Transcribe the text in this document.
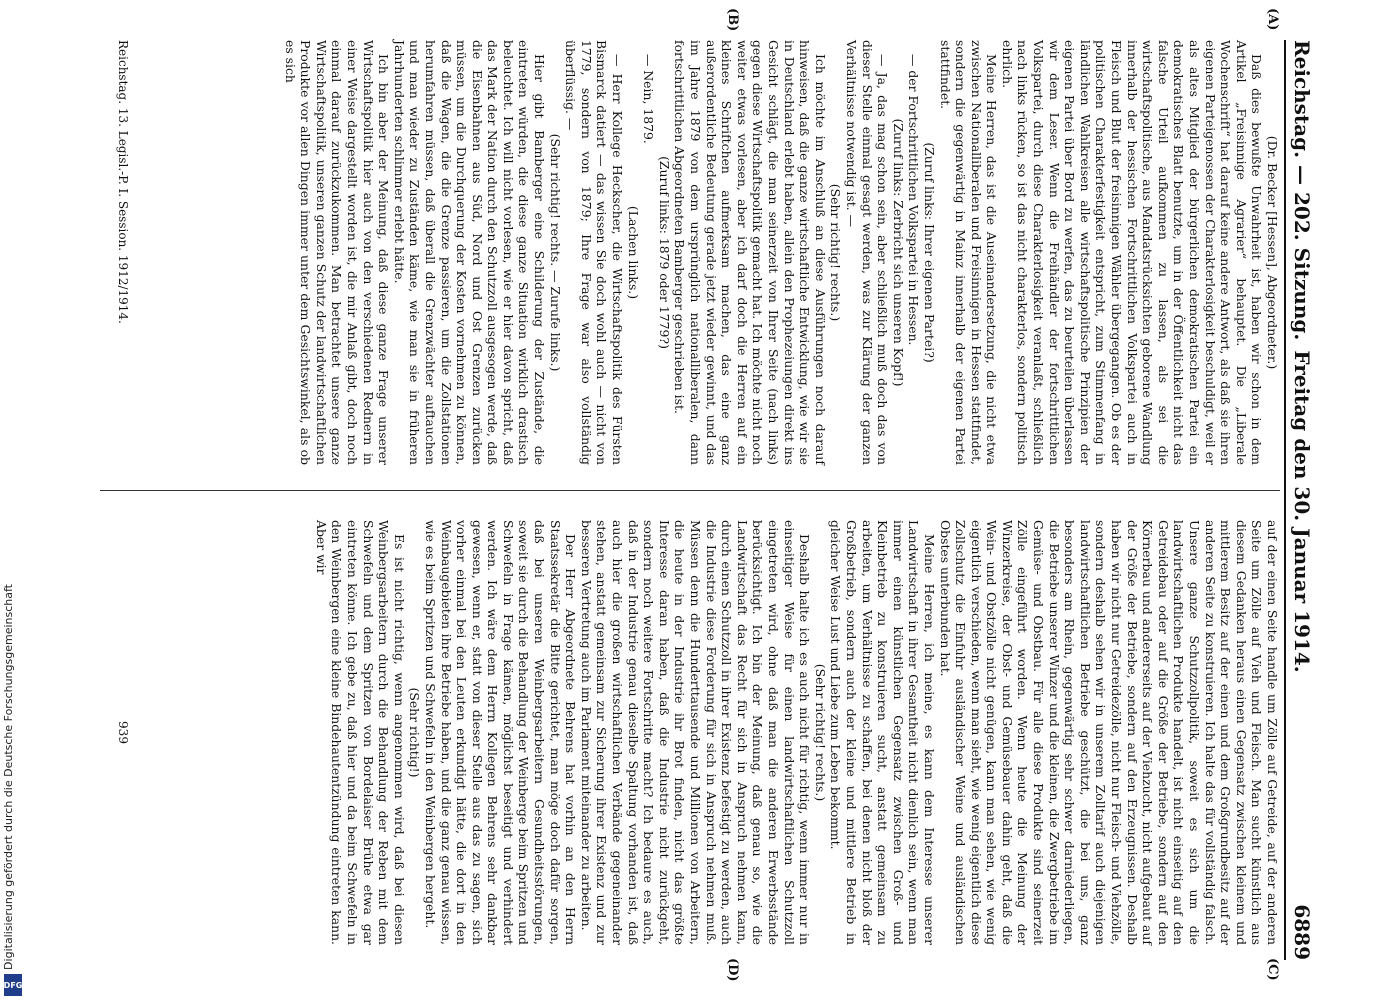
Digitalisierung gefördert durch die Deutsche Forschungsgemeinschaft
DFG
Reichstag. — 202. Sitzung.
Freitag den 30. Januar 1914.
6889
(A)
(B)
(C)
(D)

(Dr. Becker [Hessen], Abgeordneter.)

Daß dies bewußte Unwahrheit ist, haben wir schon in dem Artikel „Freisinnige Agrarier“ behauptet. Die „Liberale Wochenschrift“ hat darauf keine andere Antwort, als daß sie ihren eigenen Parteigenossen der Charakterlosigkeit beschuldigt, weil er als altes Mitglied der bürgerlichen demokratischen Partei ein demokratisches Blatt benutzte, um in der Öffentlichkeit nicht das falsche Urteil aufkommen zu lassen, als sei die wirtschaftspolitische, aus Mandatsrücksichten geborene Wandlung innerhalb der hessischen Fortschrittlichen Volkspartei auch in Fleisch und Blut der freisinnigen Wähler übergegangen. Ob es der politischen Charakterfestigkeit entspricht, zum Stimmenfang in ländlichen Wahlkreisen alle wirtschaftspolitische Prinzipien der eigenen Partei über Bord zu werfen, das zu beurteilen überlassen wir dem Leser. Wenn die Freihändler der fortschrittlichen Volkspartei, durch diese Charakterlosigkeit veranlaßt, schließlich nach links rücken, so ist das nicht charakterlos, sondern politisch ehrlich.

Meine Herren, das ist die Auseinandersetzung, die nicht etwa zwischen Nationalliberalen und Freisinnigen in Hessen stattfindet, sondern die gegenwärtig in Mainz innerhalb der eigenen Partei stattfindet.

(Zuruf links: Ihrer eigenen Partei?)

— der Fortschrittlichen Volkspartei in Hessen.

(Zuruf links: Zerbricht sich unseren Kopf!)

— Ja, das mag schon sein, aber schließlich muß doch das von dieser Stelle einmal gesagt werden, was zur Klärung der ganzen Verhältnisse notwendig ist. —

(Sehr richtig! rechts.)

Ich möchte im Anschluß an diese Ausführungen noch darauf hinweisen, daß die ganze wirtschaftliche Entwicklung, wie wir sie in Deutschland erlebt haben, allein den Prophezeiungen direkt ins Gesicht schlägt, die man seinerzeit von Ihrer Seite (nach links) gegen diese Wirtschaftspolitik gemacht hat. Ich möchte nicht noch weiter etwas vorlesen, aber ich darf doch die Herren auf ein kleines Schriftchen aufmerksam machen, das eine ganz außerordentliche Bedeutung gerade jetzt wieder gewinnt, und das im Jahre 1879 von dem ursprünglich nationalliberalen, dann fortschrittlichen Abgeordneten Bamberger geschrieben ist.

(Zuruf links: 1879 oder 1779?)

— Nein, 1879.

(Lachen links.)

— Herr Kollege Heckscher, die Wirtschaftspolitik des Fürsten Bismarck datiert — das wissen Sie doch wohl auch — nicht von 1779, sondern von 1879; Ihre Frage war also vollständig überflüssig. —

(Sehr richtig! rechts. — Zurufe links.)

Hier gibt Bamberger eine Schilderung der Zustände, die eintreten würden, die diese ganze Situation wirklich drastisch beleuchtet. Ich will nicht vorlesen, wie er hier davon spricht, daß das Mark der Nation durch den Schutzzoll ausgesogen werde, daß die Eisenbahnen aus Süd, Nord und Ost Grenzen zurücken müssen, um die Durchquerung der Kosten vornehmen zu können, daß die Wagen, die die Grenze passieren, um die Zollstationen herumfahren müssen, daß überall die Grenzwächter auftauchen und man wieder zu Zuständen käme, wie man sie in früheren Jahrhunderten schlimmer erlebt hätte.

Ich bin aber der Meinung, daß diese ganze Frage unserer Wirtschaftspolitik hier auch von den verschiedenen Rednern in einer Weise dargestellt worden ist, die mir Anlaß gibt, doch noch einmal darauf zurückzukommen. Man betrachtet unsere ganze Wirtschaftspolitik, unseren ganzen Schutz der landwirtschaftlichen Produkte vor allen Dingen immer unter dem Gesichtswinkel, als ob es sich

auf der einen Seite handle um Zölle auf Getreide, auf der anderen Seite um Zölle auf Vieh und Fleisch. Man sucht künstlich aus diesem Gedanken heraus einen Gegensatz zwischen kleinem und mittlerem Besitz auf der einen und dem Großgrundbesitz auf der anderen Seite zu konstruieren. Ich halte das für vollständig falsch. Unsere ganze Schutzzollpolitik, soweit es sich um die landwirtschaftlichen Produkte handelt, ist nicht einseitig auf den Getreidebau oder auf die Größe der Betriebe, sondern auf den Körnerbau und andererseits auf der Viehzucht, nicht aufgebaut auf der Größe der Betriebe, sondern auf den Erzeugnissen. Deshalb haben wir nicht nur Getreidezölle, nicht nur Fleisch- und Viehzölle, sondern deshalb sehen wir in unserem Zolltarif auch diejenigen landwirtschaftlichen Betriebe geschützt, die bei uns, ganz besonders am Rhein, gegenwärtig sehr schwer darniederliegen, die Betriebe unserer Winzer und die kleinen, die Zwergbetriebe im Gemüse- und Obstbau. Für alle diese Produkte sind seinerzeit Zölle eingeführt worden. Wenn heute die Meinung der Winzerkreise, der Obst- und Gemüsebauer dahin geht, daß die Wein- und Obstzölle nicht genügen, kann man sehen, wie wenig eigentlich verschieden, wenn man sieht, wie wenig eigentlich diese Zollschutz die Einfuhr ausländischer Weine und ausländischen Obstes unterbunden hat.

Meine Herren, ich meine, es kann dem Interesse unserer Landwirtschaft in ihrer Gesamtheit nicht dienlich sein, wenn man immer einen künstlichen Gegensatz zwischen Groß- und Kleinbetrieb zu konstruieren sucht, anstatt gemeinsam zu arbeiten, um Verhältnisse zu schaffen, bei denen nicht bloß der Großbetrieb, sondern auch der kleine und mittlere Betrieb in gleicher Weise Lust und Liebe zum Leben bekommt.

(Sehr richtig! rechts.)

Deshalb halte ich es auch nicht für richtig, wenn immer nur in einseitiger Weise für einen landwirtschaftlichen Schutzzoll eingetreten wird, ohne daß man die anderen Erwerbsstände berücksichtigt. Ich bin der Meinung, daß genau so, wie die Landwirtschaft das Recht für sich in Anspruch nehmen kann, durch einen Schutzzoll in ihrer Existenz befestigt zu werden, auch die Industrie diese Forderung für sich in Anspruch nehmen muß. Müssen denn die Hunderttausende und Millionen von Arbeitern, die heute in der Industrie ihr Brot finden, nicht das größte Interesse daran haben, daß die Industrie nicht zurückgeht, sondern noch weitere Fortschritte macht? Ich bedaure es auch, daß in der Industrie genau dieselbe Spaltung vorhanden ist, daß auch hier die großen wirtschaftlichen Verbände gegeneinander stehen, anstatt gemeinsam zur Sicherung ihrer Existenz und zur besseren Vertretung auch im Parlament miteinander zu arbeiten.

Der Herr Abgeordnete Behrens hat vorhin an den Herrn Staatssekretär die Bitte gerichtet, man möge doch dafür sorgen, daß bei unseren Weinbergsarbeitern Gesundheitsstörungen, soweit sie durch die Behandlung der Weinberge beim Spritzen und Schwefeln in Frage kämen, möglichst beseitigt und verhindert werden. Ich wäre dem Herrn Kollegen Behrens sehr dankbar gewesen, wenn er, statt von dieser Stelle aus das zu sagen, sich vorher einmal bei den Leuten erkundigt hätte, die dort in den Weinbaugebieten ihre Betriebe haben, und die ganz genau wissen, wie es beim Spritzen und Schwefeln in den Weinbergen hergeht.

(Sehr richtig!)

Es ist nicht richtig, wenn angenommen wird, daß bei diesen Weinbergsarbeitern durch die Behandlung der Reben mit dem Schwefeln und dem Spritzen von Bordelaiser Brühe etwa gar eintreten könne. Ich gebe zu, daß hier und da beim Schwefeln in den Weinbergen eine kleine Bindehautentzündung eintreten kann. Aber wir

Reichstag. 13. Legisl.-P. I. Session. 1912/1914.
939
